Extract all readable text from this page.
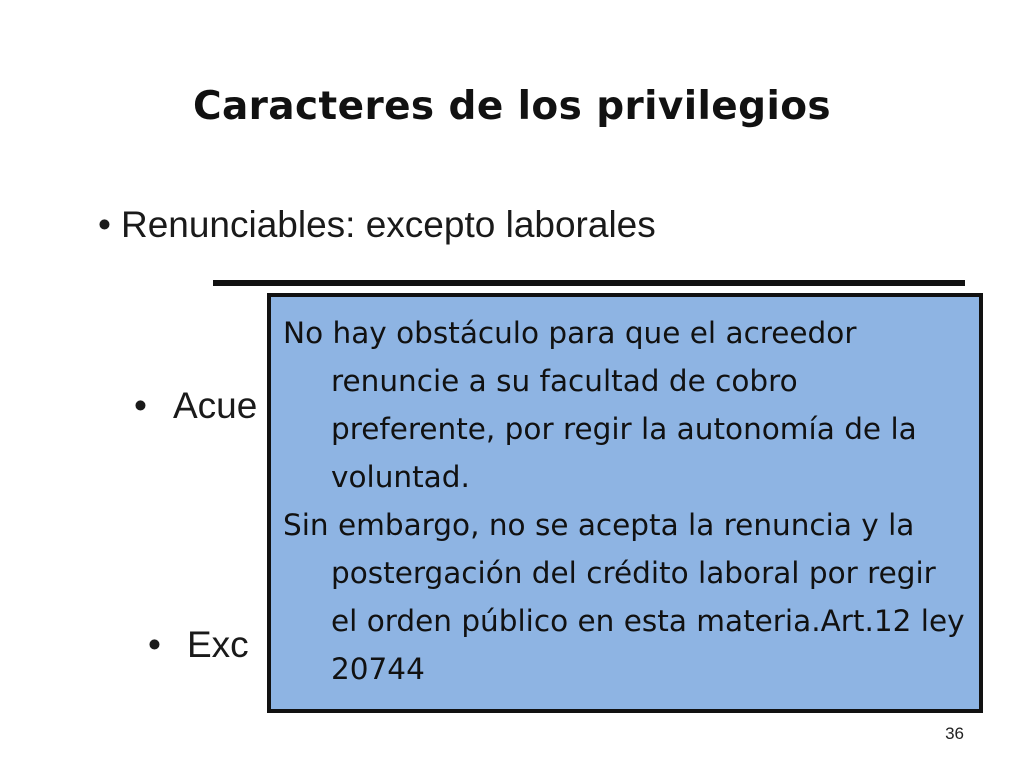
Caracteres de los privilegios
• Renunciables: excepto laborales
• Acue
• Exc

No hay obstáculo para que el acreedor renuncie a su facultad de cobro preferente, por regir la autonomía de la voluntad.

Sin embargo, no se acepta la renuncia y la postergación del crédito laboral por regir el orden público en esta materia.Art.12 ley 20744

36
